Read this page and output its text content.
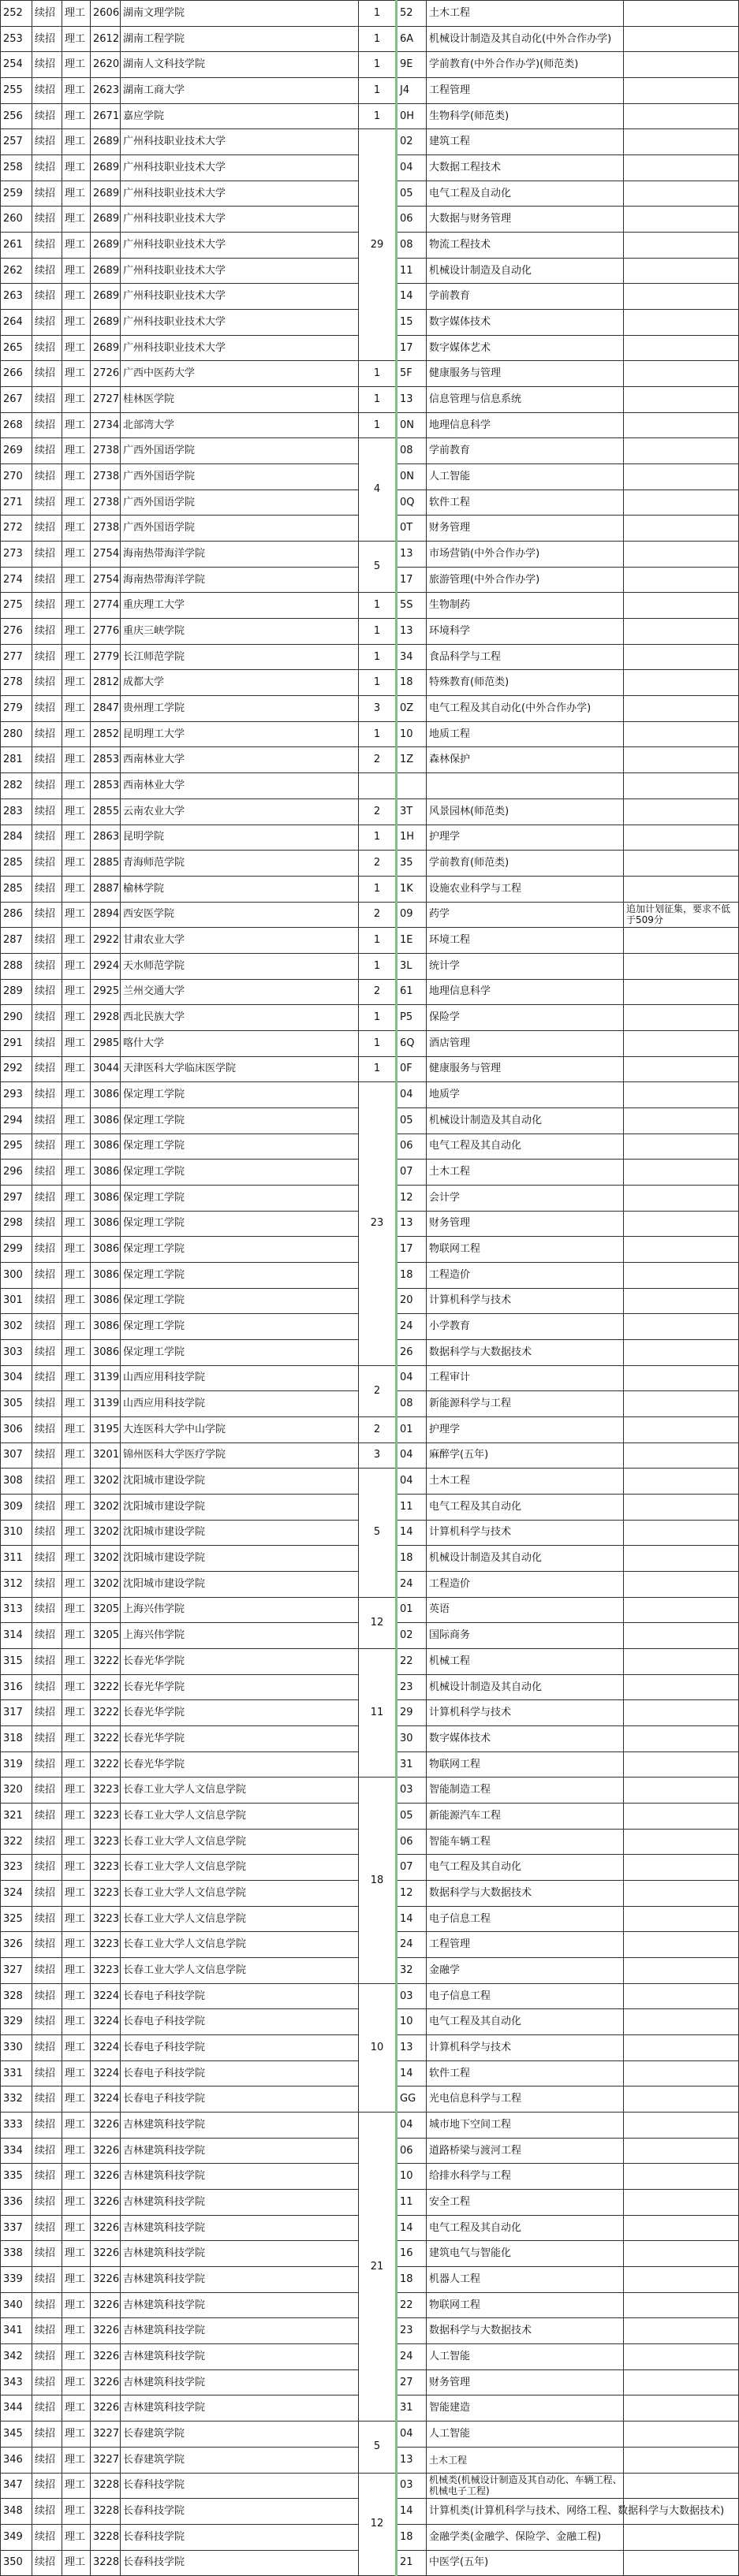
252	续招	理工	2606	湖南文理学院	1	52	土木工程	
253	续招	理工	2612	湖南工程学院	1	6A	机械设计制造及其自动化(中外合作办学)	
254	续招	理工	2620	湖南人文科技学院	1	9E	学前教育(中外合作办学)(师范类)	
255	续招	理工	2623	湖南工商大学	1	J4	工程管理	
256	续招	理工	2671	嘉应学院	1	0H	生物科学(师范类)	
257	续招	理工	2689	广州科技职业技术大学	29	02	建筑工程	
258	续招	理工	2689	广州科技职业技术大学		04	大数据工程技术	
259	续招	理工	2689	广州科技职业技术大学		05	电气工程及自动化	
260	续招	理工	2689	广州科技职业技术大学		06	大数据与财务管理	
261	续招	理工	2689	广州科技职业技术大学		08	物流工程技术	
262	续招	理工	2689	广州科技职业技术大学		11	机械设计制造及自动化	
263	续招	理工	2689	广州科技职业技术大学		14	学前教育	
264	续招	理工	2689	广州科技职业技术大学		15	数字媒体技术	
265	续招	理工	2689	广州科技职业技术大学		17	数字媒体艺术	
266	续招	理工	2726	广西中医药大学	1	5F	健康服务与管理	
267	续招	理工	2727	桂林医学院	1	13	信息管理与信息系统	
268	续招	理工	2734	北部湾大学	1	0N	地理信息科学	
269	续招	理工	2738	广西外国语学院	4	08	学前教育	
270	续招	理工	2738	广西外国语学院		0N	人工智能	
271	续招	理工	2738	广西外国语学院		0Q	软件工程	
272	续招	理工	2738	广西外国语学院		0T	财务管理	
273	续招	理工	2754	海南热带海洋学院	5	13	市场营销(中外合作办学)	
274	续招	理工	2754	海南热带海洋学院		17	旅游管理(中外合作办学)	
275	续招	理工	2774	重庆理工大学	1	5S	生物制药	
276	续招	理工	2776	重庆三峡学院	1	13	环境科学	
277	续招	理工	2779	长江师范学院	1	34	食品科学与工程	
278	续招	理工	2812	成都大学	1	18	特殊教育(师范类)	
279	续招	理工	2847	贵州理工学院	3	0Z	电气工程及其自动化(中外合作办学)	
280	续招	理工	2852	昆明理工大学	1	10	地质工程	
281	续招	理工	2853	西南林业大学	2	1Z	森林保护	
282	续招	理工	2853	西南林业大学				
283	续招	理工	2855	云南农业大学	2	3T	风景园林(师范类)	
284	续招	理工	2863	昆明学院	1	1H	护理学	
285	续招	理工	2885	青海师范学院	2	35	学前教育(师范类)	
285	续招	理工	2887	榆林学院	1	1K	设施农业科学与工程	
286	续招	理工	2894	西安医学院	2	09	药学	追加计划征集，要求不低于509分
287	续招	理工	2922	甘肃农业大学	1	1E	环境工程	
288	续招	理工	2924	天水师范学院	1	3L	统计学	
289	续招	理工	2925	兰州交通大学	2	61	地理信息科学	
290	续招	理工	2928	西北民族大学	1	P5	保险学	
291	续招	理工	2985	喀什大学	1	6Q	酒店管理	
292	续招	理工	3044	天津医科大学临床医学院	1	0F	健康服务与管理	
293	续招	理工	3086	保定理工学院	23	04	地质学	
294	续招	理工	3086	保定理工学院		05	机械设计制造及其自动化	
295	续招	理工	3086	保定理工学院		06	电气工程及其自动化	
296	续招	理工	3086	保定理工学院		07	土木工程	
297	续招	理工	3086	保定理工学院		12	会计学	
298	续招	理工	3086	保定理工学院		13	财务管理	
299	续招	理工	3086	保定理工学院		17	物联网工程	
300	续招	理工	3086	保定理工学院		18	工程造价	
301	续招	理工	3086	保定理工学院		20	计算机科学与技术	
302	续招	理工	3086	保定理工学院		24	小学教育	
303	续招	理工	3086	保定理工学院		26	数据科学与大数据技术	
304	续招	理工	3139	山西应用科技学院	2	04	工程审计	
305	续招	理工	3139	山西应用科技学院		08	新能源科学与工程	
306	续招	理工	3195	大连医科大学中山学院	2	01	护理学	
307	续招	理工	3201	锦州医科大学医疗学院	3	04	麻醉学(五年)	
308	续招	理工	3202	沈阳城市建设学院	5	04	土木工程	
309	续招	理工	3202	沈阳城市建设学院		11	电气工程及其自动化	
310	续招	理工	3202	沈阳城市建设学院		14	计算机科学与技术	
311	续招	理工	3202	沈阳城市建设学院		18	机械设计制造及其自动化	
312	续招	理工	3202	沈阳城市建设学院		24	工程造价	
313	续招	理工	3205	上海兴伟学院	12	01	英语	
314	续招	理工	3205	上海兴伟学院		02	国际商务	
315	续招	理工	3222	长春光华学院	11	22	机械工程	
316	续招	理工	3222	长春光华学院		23	机械设计制造及其自动化	
317	续招	理工	3222	长春光华学院		29	计算机科学与技术	
318	续招	理工	3222	长春光华学院		30	数字媒体技术	
319	续招	理工	3222	长春光华学院		31	物联网工程	
320	续招	理工	3223	长春工业大学人文信息学院	18	03	智能制造工程	
321	续招	理工	3223	长春工业大学人文信息学院		05	新能源汽车工程	
322	续招	理工	3223	长春工业大学人文信息学院		06	智能车辆工程	
323	续招	理工	3223	长春工业大学人文信息学院		07	电气工程及其自动化	
324	续招	理工	3223	长春工业大学人文信息学院		12	数据科学与大数据技术	
325	续招	理工	3223	长春工业大学人文信息学院		14	电子信息工程	
326	续招	理工	3223	长春工业大学人文信息学院		24	工程管理	
327	续招	理工	3223	长春工业大学人文信息学院		32	金融学	
328	续招	理工	3224	长春电子科技学院	10	03	电子信息工程	
329	续招	理工	3224	长春电子科技学院		10	电气工程及其自动化	
330	续招	理工	3224	长春电子科技学院		13	计算机科学与技术	
331	续招	理工	3224	长春电子科技学院		14	软件工程	
332	续招	理工	3224	长春电子科技学院		GG	光电信息科学与工程	
333	续招	理工	3226	吉林建筑科技学院	21	04	城市地下空间工程	
334	续招	理工	3226	吉林建筑科技学院		06	道路桥梁与渡河工程	
335	续招	理工	3226	吉林建筑科技学院		10	给排水科学与工程	
336	续招	理工	3226	吉林建筑科技学院		11	安全工程	
337	续招	理工	3226	吉林建筑科技学院		14	电气工程及其自动化	
338	续招	理工	3226	吉林建筑科技学院		16	建筑电气与智能化	
339	续招	理工	3226	吉林建筑科技学院		18	机器人工程	
340	续招	理工	3226	吉林建筑科技学院		22	物联网工程	
341	续招	理工	3226	吉林建筑科技学院		23	数据科学与大数据技术	
342	续招	理工	3226	吉林建筑科技学院		24	人工智能	
343	续招	理工	3226	吉林建筑科技学院		27	财务管理	
344	续招	理工	3226	吉林建筑科技学院		31	智能建造	
345	续招	理工	3227	长春建筑学院	5	04	人工智能	
346	续招	理工	3227	长春建筑学院		13	土木工程	
347	续招	理工	3228	长春科技学院	12	03	机械类(机械设计制造及其自动化、车辆工程、机械电子工程)	
348	续招	理工	3228	长春科技学院		14	计算机类(计算机科学与技术、网络工程、数据科学与大数据技术)	
349	续招	理工	3228	长春科技学院		18	金融学类(金融学、保险学、金融工程)	
350	续招	理工	3228	长春科技学院		21	中医学(五年)	
